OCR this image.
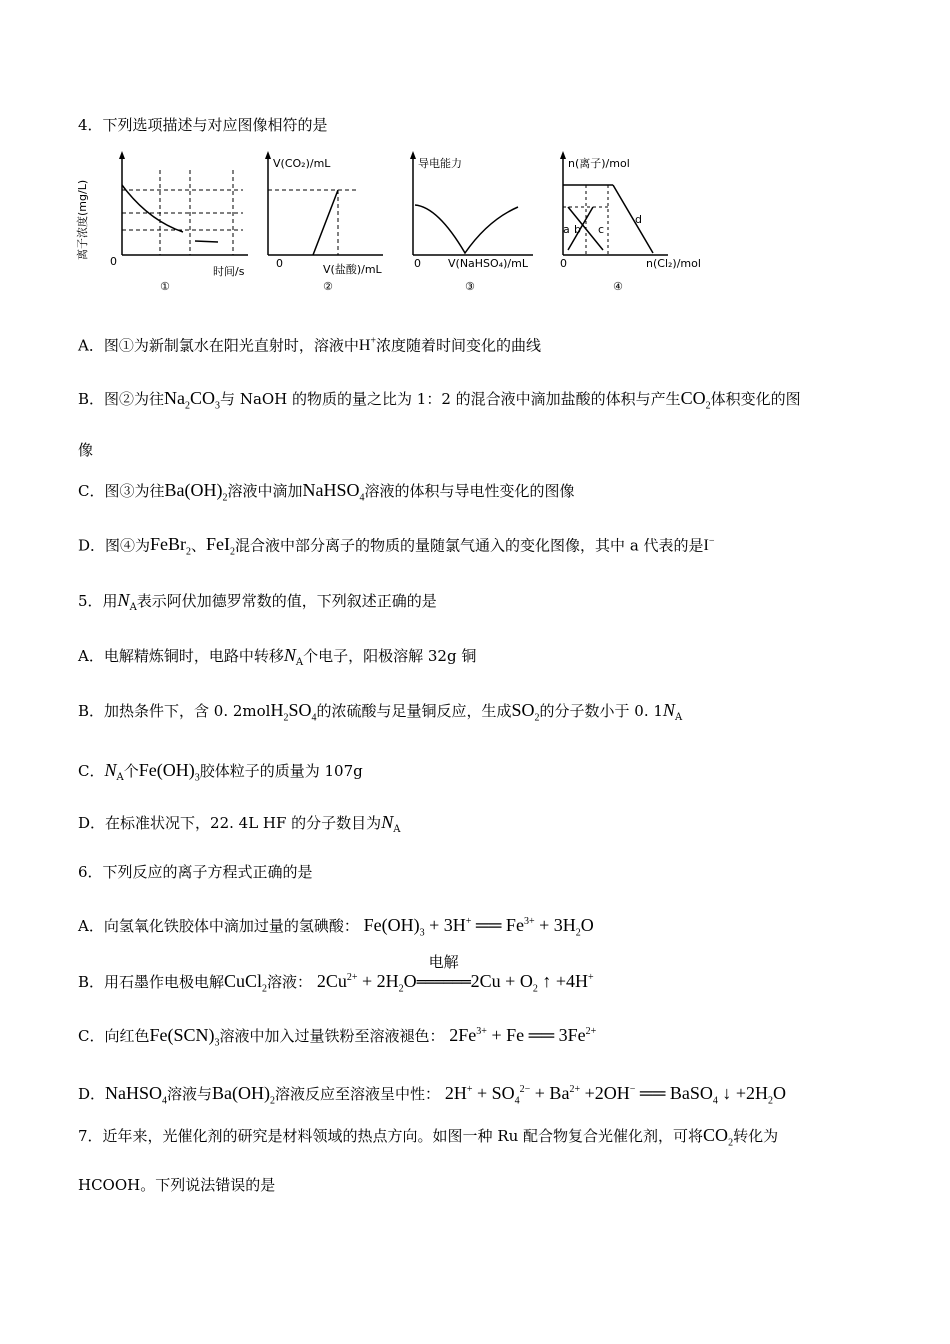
4．下列选项描述与对应图像相符的是
离子浓度(mg/L)
0
时间/s
①
V(CO₂)/mL
0	V(盐酸)/mL
②
导电能力
0 V(NaHSO₄)/mL
③
n(离子)/mol
a b c
d
0	n(Cl₂)/mol
④
A．图①为新制氯水在阳光直射时，溶液中H+浓度随着时间变化的曲线
B．图②为往$Na_2CO_3$与 NaOH 的物质的量之比为 1：2 的混合液中滴加盐酸的体积与产生$CO_2$体积变化的图
像
C．图③为往$Ba(OH)_2$溶液中滴加NaHSO$_4$溶液的体积与导电性变化的图像
D．图④为FeBr$_2$、FeI$_2$混合液中部分离子的物质的量随氯气通入的变化图像，其中 a 代表的是I−
5．用$N_A$表示阿伏加德罗常数的值，下列叙述正确的是
A．电解精炼铜时，电路中转移$N_A$个电子，阳极溶解 32g 铜
B．加热条件下，含 0. $2molH_2SO_4$的浓硫酸与足量铜反应，生成$SO_2$的分子数小于 0. $1N_A$
C．$N_A$个$Fe(OH)_3$胶体粒子的质量为 107g
D．在标准状况下，22. 4L HF 的分子数目为$N_A$
6．下列反应的离子方程式正确的是
A．向氢氧化铁胶体中滴加过量的氢碘酸： $Fe(OH)_3 + 3H^+$ ══ $Fe^{3+} + 3H_2O$
B．用石墨作电极电解CuCl$_2$溶液： $2Cu^{2+} + 2H_2O$
电解
══════2Cu + $O_2$ ↑ +4H+
C．向红色$Fe(SCN)_3$溶液中加入过量铁粉至溶液褪色： $2Fe^{3+} + Fe$ ══ $3Fe^{2+}$
D．NaHSO$_4$溶液与$Ba(OH)_2$溶液反应至溶液呈中性： $2H^+ + SO_4^{2-} + Ba^{2+} +2OH^-$ ══ BaSO$_4$ ↓ $+2H_2O$
7．近年来，光催化剂的研究是材料领域的热点方向。如图一种 Ru 配合物复合光催化剂，可将$CO_2$转化为
HCOOH。下列说法错误的是
